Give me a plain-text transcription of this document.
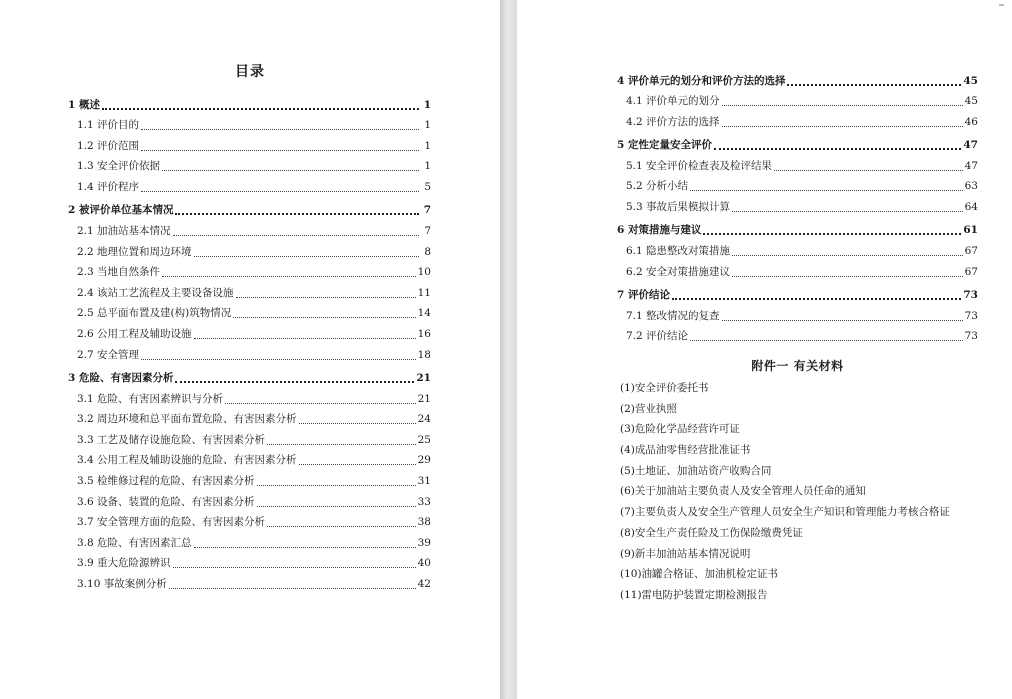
目录
1 概述	1
1.1 评价目的	1
1.2 评价范围	1
1.3 安全评价依据	1
1.4 评价程序	5
2 被评价单位基本情况	7
2.1 加油站基本情况	7
2.2 地理位置和周边环境	8
2.3 当地自然条件	10
2.4 该站工艺流程及主要设备设施	11
2.5 总平面布置及建(构)筑物情况	14
2.6 公用工程及辅助设施	16
2.7 安全管理	18
3 危险、有害因素分析	21
3.1 危险、有害因素辨识与分析	21
3.2 周边环境和总平面布置危险、有害因素分析	24
3.3 工艺及储存设施危险、有害因素分析	25
3.4 公用工程及辅助设施的危险、有害因素分析	29
3.5 检维修过程的危险、有害因素分析	31
3.6 设备、装置的危险、有害因素分析	33
3.7 安全管理方面的危险、有害因素分析	38
3.8 危险、有害因素汇总	39
3.9 重大危险源辨识	40
3.10 事故案例分析	42
4 评价单元的划分和评价方法的选择	45
4.1 评价单元的划分	45
4.2 评价方法的选择	46
5 定性定量安全评价	47
5.1 安全评价检查表及检评结果	47
5.2 分析小结	63
5.3 事故后果模拟计算	64
6 对策措施与建议	61
6.1 隐患整改对策措施	67
6.2 安全对策措施建议	67
7 评价结论	73
7.1 整改情况的复查	73
7.2 评价结论	73
附件一 有关材料
(1)安全评价委托书
(2)营业执照
(3)危险化学品经营许可证
(4)成品油零售经营批准证书
(5)土地证、加油站资产收购合同
(6)关于加油站主要负责人及安全管理人员任命的通知
(7)主要负责人及安全生产管理人员安全生产知识和管理能力考核合格证
(8)安全生产责任险及工伤保险缴费凭证
(9)新丰加油站基本情况说明
(10)油罐合格证、加油机检定证书
(11)雷电防护装置定期检测报告
